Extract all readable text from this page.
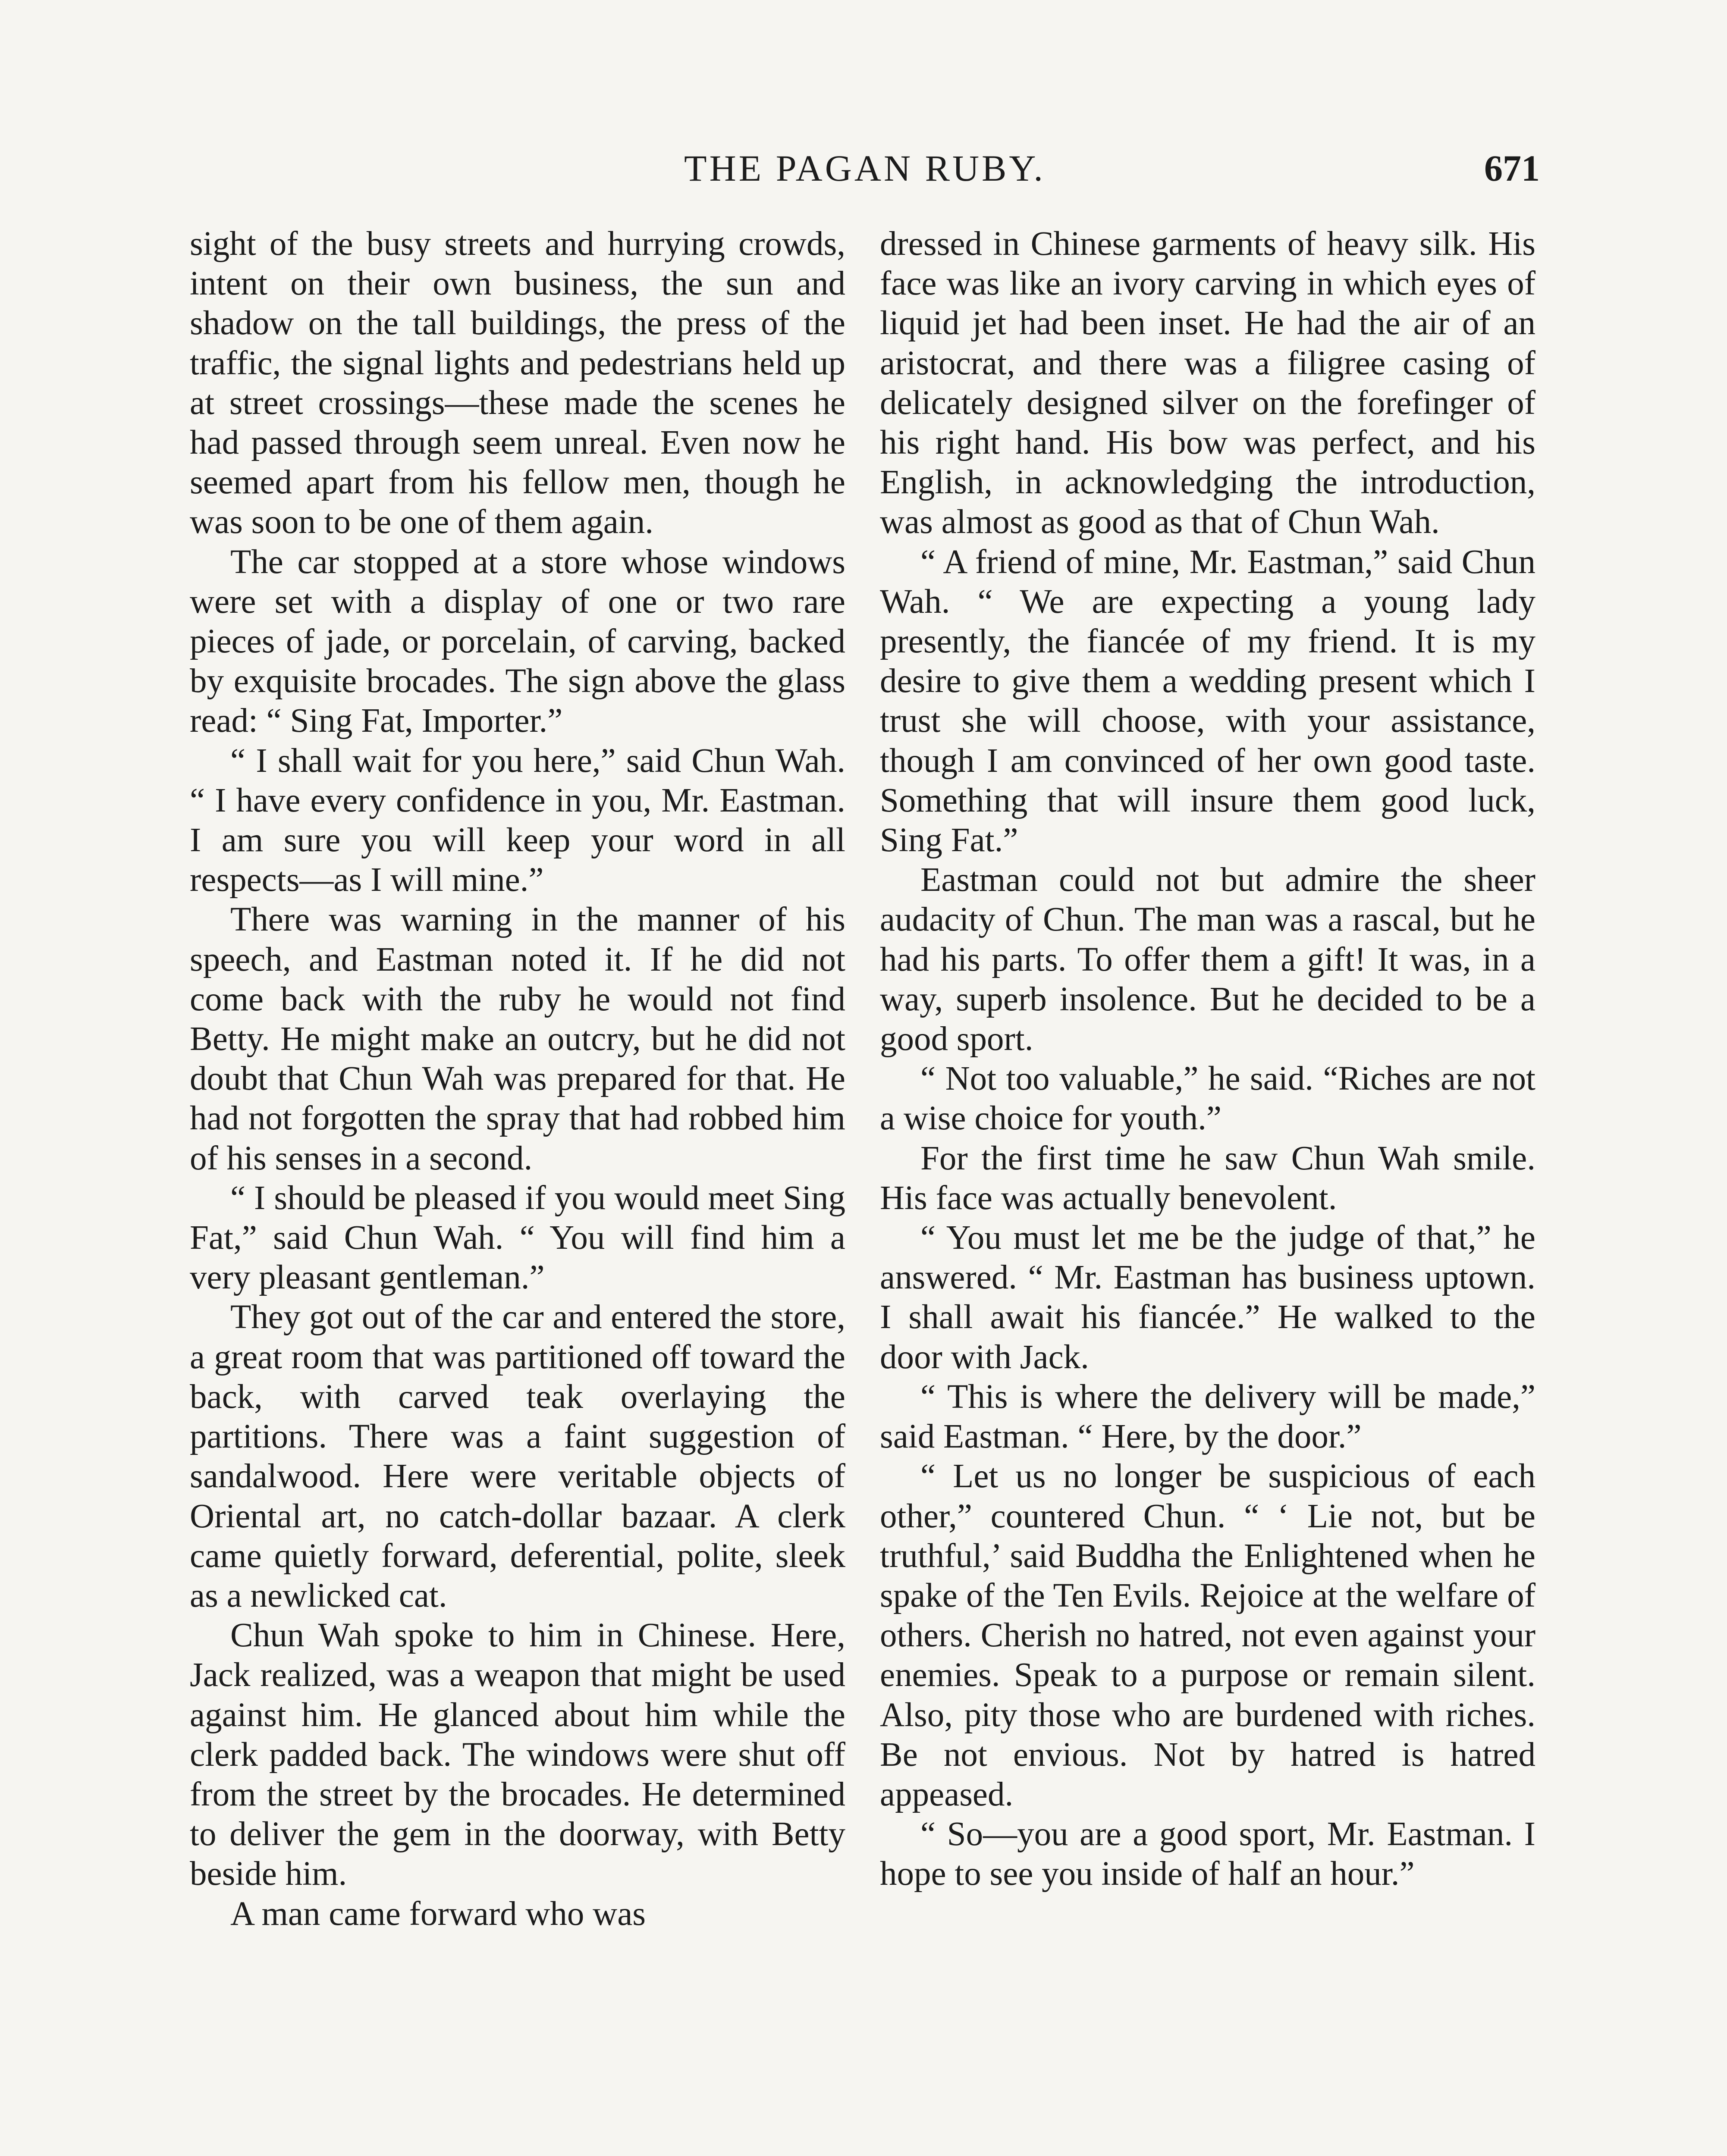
THE PAGAN RUBY.	671

sight of the busy streets and hurrying crowds, intent on their own business, the sun and shadow on the tall buildings, the press of the traffic, the signal lights and pedestrians held up at street crossings—these made the scenes he had passed through seem unreal. Even now he seemed apart from his fellow men, though he was soon to be one of them again.

The car stopped at a store whose windows were set with a display of one or two rare pieces of jade, or porcelain, of carving, backed by exquisite brocades. The sign above the glass read: “ Sing Fat, Importer.”

“ I shall wait for you here,” said Chun Wah. “ I have every confidence in you, Mr. Eastman. I am sure you will keep your word in all respects—as I will mine.”

There was warning in the manner of his speech, and Eastman noted it. If he did not come back with the ruby he would not find Betty. He might make an outcry, but he did not doubt that Chun Wah was prepared for that. He had not forgotten the spray that had robbed him of his senses in a second.

“ I should be pleased if you would meet Sing Fat,” said Chun Wah. “ You will find him a very pleasant gentleman.”

They got out of the car and entered the store, a great room that was partitioned off toward the back, with carved teak overlaying the partitions. There was a faint suggestion of sandalwood. Here were veritable objects of Oriental art, no catch-dollar bazaar. A clerk came quietly forward, deferential, polite, sleek as a newlicked cat.

Chun Wah spoke to him in Chinese. Here, Jack realized, was a weapon that might be used against him. He glanced about him while the clerk padded back. The windows were shut off from the street by the brocades. He determined to deliver the gem in the doorway, with Betty beside him.

A man came forward who was

dressed in Chinese garments of heavy silk. His face was like an ivory carving in which eyes of liquid jet had been inset. He had the air of an aristocrat, and there was a filigree casing of delicately designed silver on the forefinger of his right hand. His bow was perfect, and his English, in acknowledging the introduction, was almost as good as that of Chun Wah.

“ A friend of mine, Mr. Eastman,” said Chun Wah. “ We are expecting a young lady presently, the fiancée of my friend. It is my desire to give them a wedding present which I trust she will choose, with your assistance, though I am convinced of her own good taste. Something that will insure them good luck, Sing Fat.”

Eastman could not but admire the sheer audacity of Chun. The man was a rascal, but he had his parts. To offer them a gift! It was, in a way, superb insolence. But he decided to be a good sport.

“ Not too valuable,” he said. “Riches are not a wise choice for youth.”

For the first time he saw Chun Wah smile. His face was actually benevolent.

“ You must let me be the judge of that,” he answered. “ Mr. Eastman has business uptown. I shall await his fiancée.” He walked to the door with Jack.

“ This is where the delivery will be made,” said Eastman. “ Here, by the door.”

“ Let us no longer be suspicious of each other,” countered Chun. “ ‘ Lie not, but be truthful,’ said Buddha the Enlightened when he spake of the Ten Evils. Rejoice at the welfare of others. Cherish no hatred, not even against your enemies. Speak to a purpose or remain silent. Also, pity those who are burdened with riches. Be not envious. Not by hatred is hatred appeased.

“ So—you are a good sport, Mr. Eastman. I hope to see you inside of half an hour.”
